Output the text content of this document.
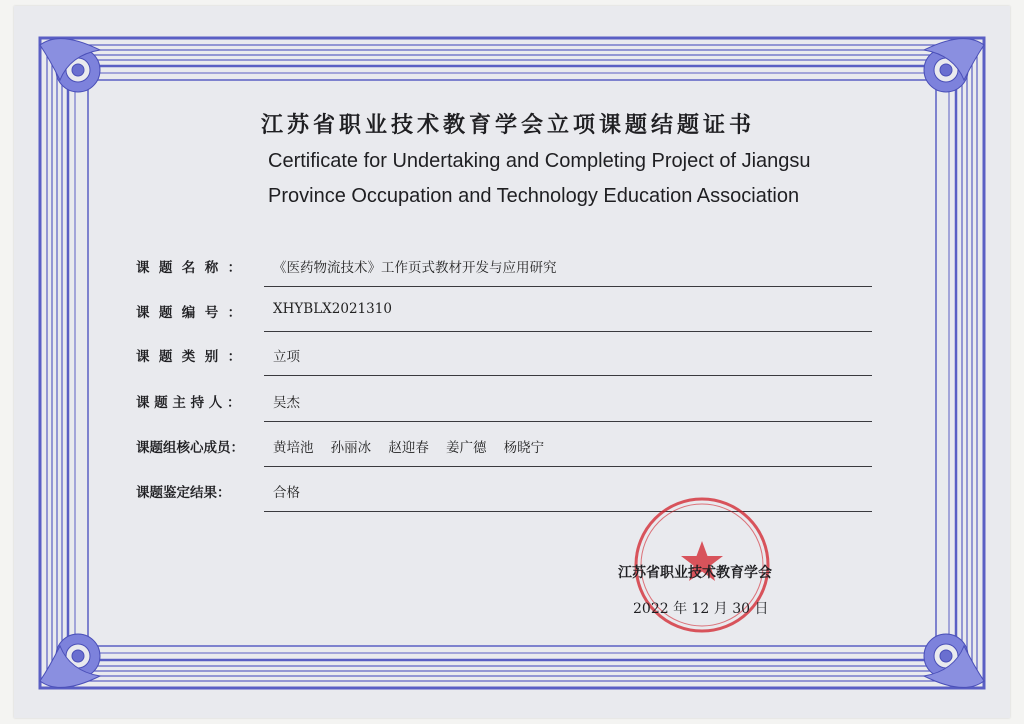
江苏省职业技术教育学会立项课题结题证书
Certificate for Undertaking and Completing Project of Jiangsu
Province Occupation and Technology Education Association
课  题  名  称  ： 《医药物流技术》工作页式教材开发与应用研究
课  题  编  号  ： XHYBLX2021310
课  题  类  别  ： 立项
课 题 主 持 人 ： 吴杰
课题组核心成员： 黄培池    孙丽冰    赵迎春    姜广德    杨晓宁
课题鉴定结果：	合格
江苏省职业技术教育学会
2022 年 12 月 30 日
